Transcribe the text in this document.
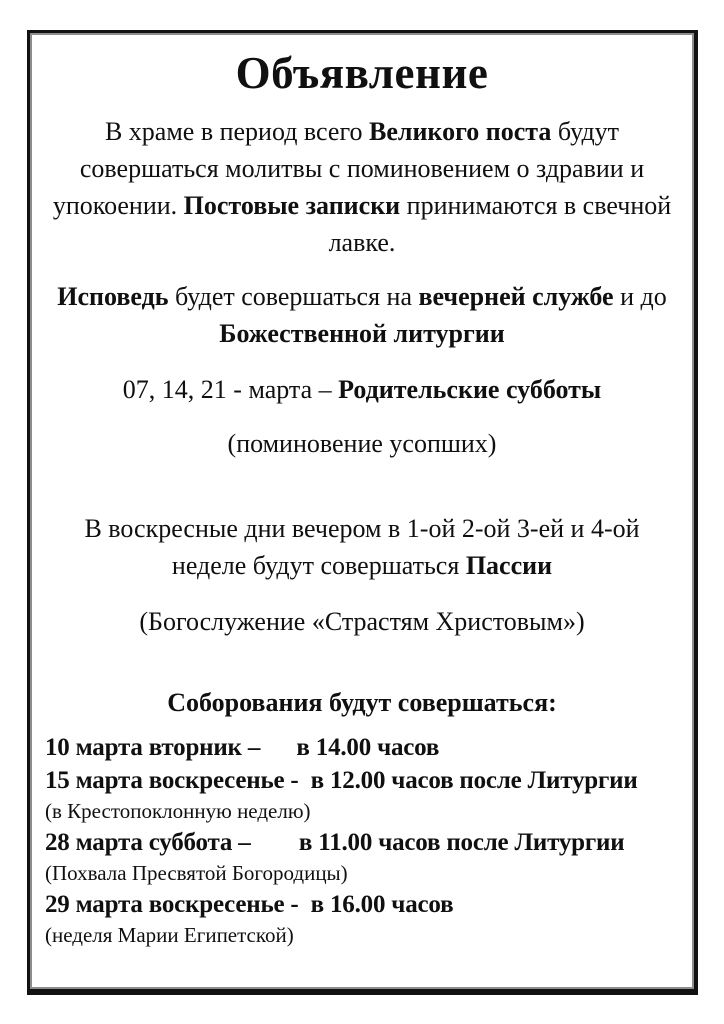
Объявление

В храме в период всего Великого поста будут совершаться молитвы с поминовением о здравии и упокоении. Постовые записки принимаются в свечной лавке.

Исповедь будет совершаться на вечерней службе и до Божественной литургии

07, 14, 21 - марта – Родительские субботы

(поминовение усопших)

В воскресные дни вечером в 1-ой 2-ой 3-ей и 4-ой неделе будут совершаться Пассии

(Богослужение «Страстям Христовым»)

Соборования будут совершаться:
10 марта вторник –      в 14.00 часов
15 марта воскресенье -  в 12.00 часов после Литургии
(в Крестопоклонную неделю)
28 марта суббота –        в 11.00 часов после Литургии
(Похвала Пресвятой Богородицы)
29 марта воскресенье -  в 16.00 часов
(неделя Марии Египетской)
